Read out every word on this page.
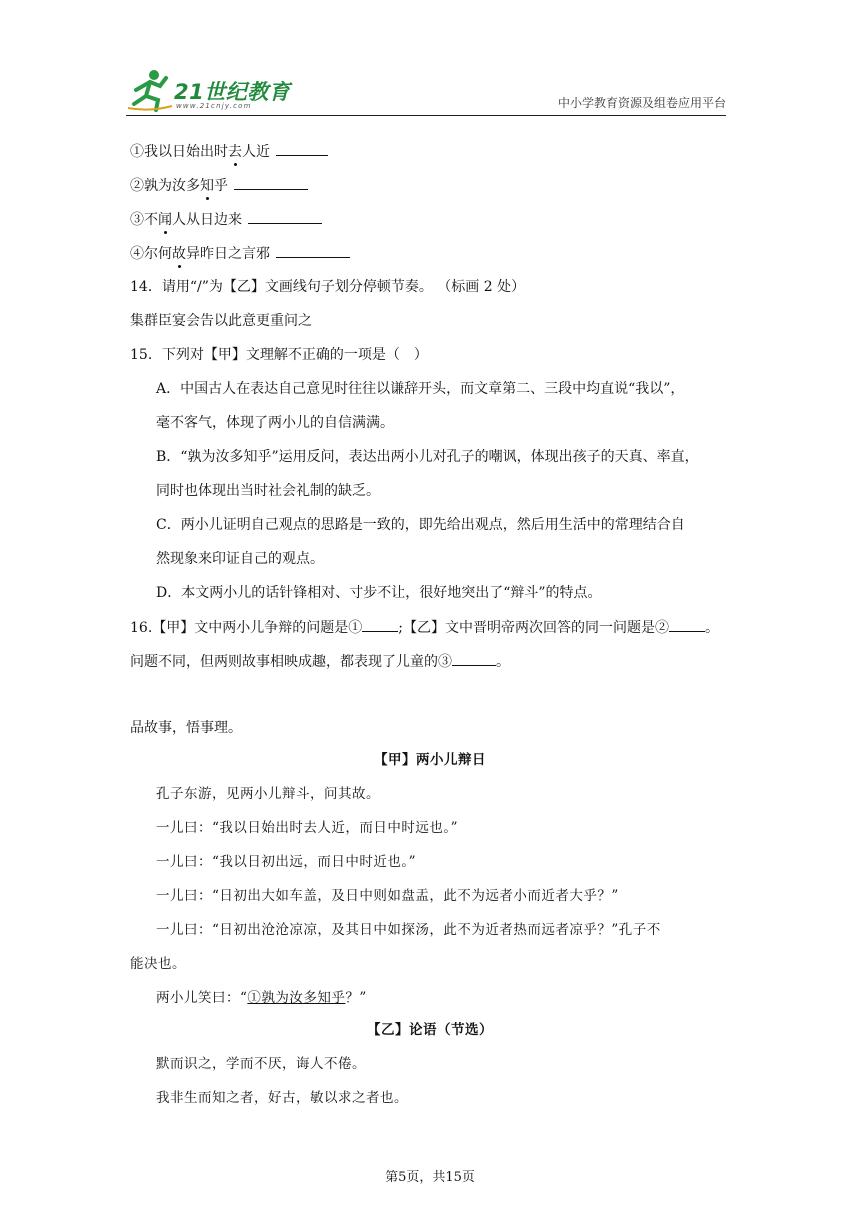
21世纪教育
www.21cnjy.com	中小学教育资源及组卷应用平台
①我以日始出时去人近
②孰为汝多知乎
③不闻人从日边来
④尔何故异昨日之言邪
14．请用“/”为【乙】文画线句子划分停顿节奏。 （标画 2 处）
集群臣宴会告以此意更重问之
15．下列对【甲】文理解不正确的一项是（　）
A．中国古人在表达自己意见时往往以谦辞开头，而文章第二、三段中均直说“我以”，
毫不客气，体现了两小儿的自信满满。
B．“孰为汝多知乎”运用反问，表达出两小儿对孔子的嘲讽，体现出孩子的天真、率直，
同时也体现出当时社会礼制的缺乏。
C．两小儿证明自己观点的思路是一致的，即先给出观点，然后用生活中的常理结合自
然现象来印证自己的观点。
D．本文两小儿的话针锋相对、寸步不让，很好地突出了“辩斗”的特点。
16.【甲】文中两小儿争辩的问题是①	;【乙】文中晋明帝两次回答的同一问题是②	。
问题不同，但两则故事相映成趣，都表现了儿童的③	。
品故事，悟事理。
【甲】两小儿辩日
孔子东游，见两小儿辩斗，问其故。
一儿曰：“我以日始出时去人近，而日中时远也。”
一儿曰：“我以日初出远，而日中时近也。”
一儿曰：“日初出大如车盖，及日中则如盘盂，此不为远者小而近者大乎？”
一儿曰：“日初出沧沧凉凉，及其日中如探汤，此不为近者热而远者凉乎？”孔子不
能决也。
两小儿笑曰：“①孰为汝多知乎？”
【乙】论语（节选）
默而识之，学而不厌，诲人不倦。
我非生而知之者，好古，敏以求之者也。
第5页，共15页
